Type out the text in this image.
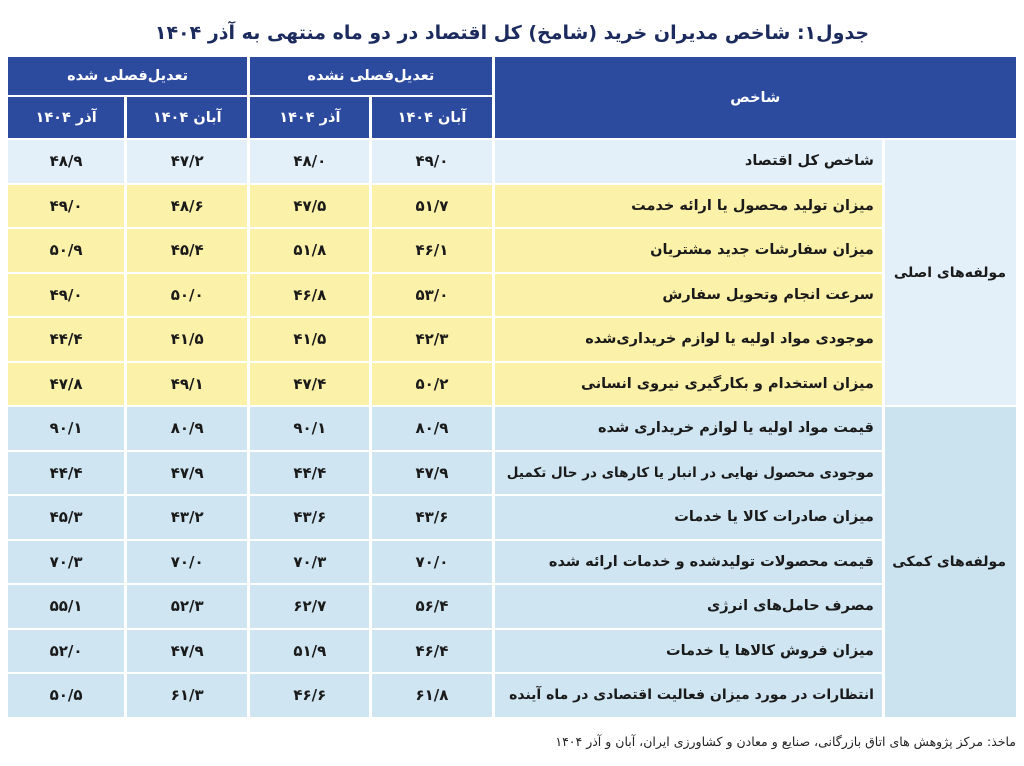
جدول۱: شاخص مدیران خرید (شامخ) کل اقتصاد در دو ماه منتهی به آذر ۱۴۰۴
شاخص		تعدیل‌فصلی نشده		تعدیل‌فصلی شده	
		آبان ۱۴۰۴	آذر ۱۴۰۴	آبان ۱۴۰۴	آذر ۱۴۰۴
مولفه‌های اصلی	شاخص کل اقتصاد	۴۹/۰	۴۸/۰	۴۷/۲	۴۸/۹
	میزان تولید محصول یا ارائه خدمت	۵۱/۷	۴۷/۵	۴۸/۶	۴۹/۰
	میزان سفارشات جدید مشتریان	۴۶/۱	۵۱/۸	۴۵/۴	۵۰/۹
	سرعت انجام وتحویل سفارش	۵۳/۰	۴۶/۸	۵۰/۰	۴۹/۰
	موجودی مواد اولیه یا لوازم خریداری‌شده	۴۲/۳	۴۱/۵	۴۱/۵	۴۴/۴
	میزان استخدام و بکارگیری نیروی انسانی	۵۰/۲	۴۷/۴	۴۹/۱	۴۷/۸
مولفه‌های کمکی	قیمت مواد اولیه یا لوازم خریداری شده	۸۰/۹	۹۰/۱	۸۰/۹	۹۰/۱
	موجودی محصول نهایی در انبار یا کارهای در حال تکمیل	۴۷/۹	۴۴/۴	۴۷/۹	۴۴/۴
	میزان صادرات کالا یا خدمات	۴۳/۶	۴۳/۶	۴۳/۲	۴۵/۳
	قیمت محصولات تولیدشده و خدمات ارائه شده	۷۰/۰	۷۰/۳	۷۰/۰	۷۰/۳
	مصرف حامل‌های انرژی	۵۶/۴	۶۲/۷	۵۲/۳	۵۵/۱
	میزان فروش کالاها یا خدمات	۴۶/۴	۵۱/۹	۴۷/۹	۵۲/۰
	انتظارات در مورد میزان فعالیت اقتصادی در ماه آینده	۶۱/۸	۴۶/۶	۶۱/۳	۵۰/۵
ماخذ: مرکز پژوهش های اتاق بازرگانی، صنایع و معادن و کشاورزی ایران، آبان و آذر ۱۴۰۴
